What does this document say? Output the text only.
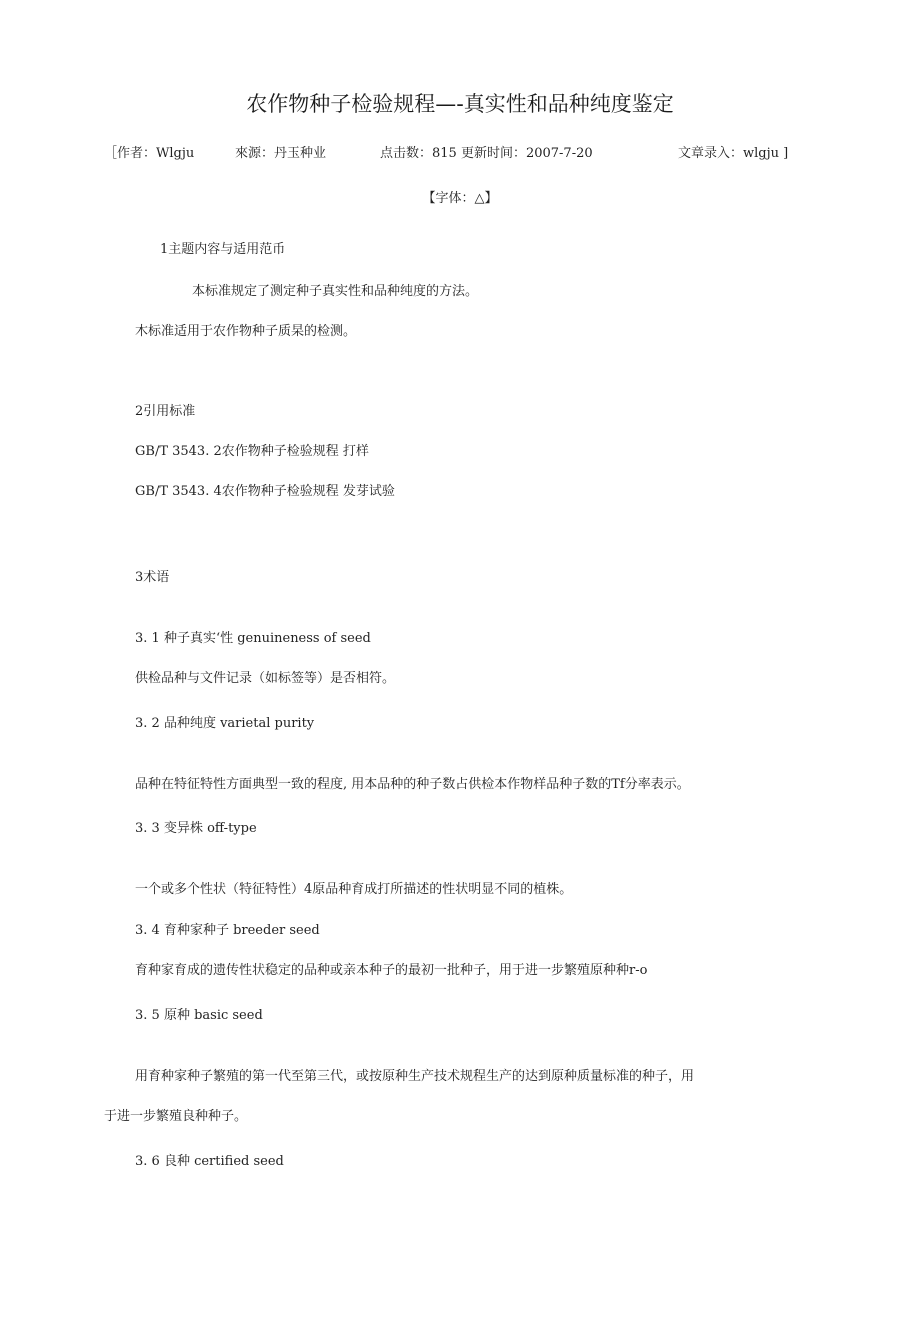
农作物种子检验规程—-真实性和品种纯度鉴定
［作者：Wlgju	來源：丹玉种业	点击数：815 更新时间：2007-7-20	文章录入：wlgju ]
【字体：△】
1主题内容与适用范币
本标准规定了测定种子真实性和品种纯度的方法。
木标准适用于农作物种子质杲的检测。
2引用标准
GB/T 3543. 2农作物种子检验规程 打样
GB/T 3543. 4农作物种子检验规程 发芽试验
3术语
3. 1 种子真实‘性 genuineness of seed
供检品种与文件记录（如标签等）是否相符。
3. 2 品种纯度 varietal purity
品种在特征特性方面典型一致的程度, 用本品种的种子数占供检本作物样品种子数的Tf分率表示。
3. 3 变异株 off-type
一个或多个性状（特征特性）4原品种育成打所描述的性状明显不同的植株。
3. 4 育种家种子 breeder seed
育种家育成的遗传性状稳定的品种或亲本种子的最初一批种子，用于进一步繁殖原种种r-o
3. 5 原种 basic seed
用育种家种子繁殖的第一代至第三代，或按原种生产技术规程生产的达到原种质量标准的种子，用
于进一步繁殖良种种子。
3. 6 良种 certified seed
